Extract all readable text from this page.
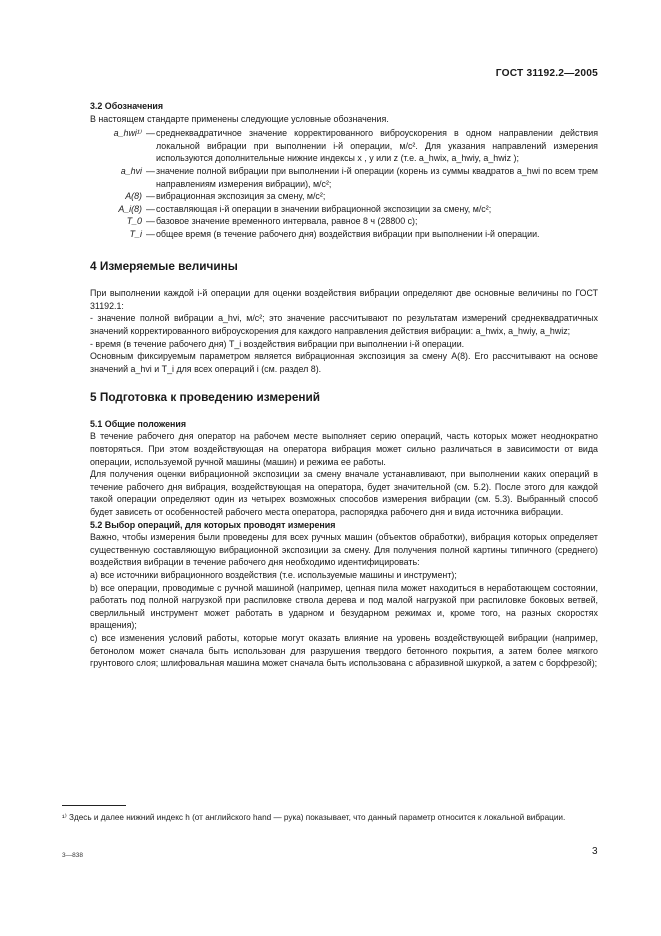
ГОСТ 31192.2—2005

3.2 Обозначения

В настоящем стандарте применены следующие условные обозначения.

a_hwi¹⁾ — среднеквадратичное значение корректированного виброускорения в одном направлении действия локальной вибрации при выполнении i-й операции, м/с². Для указания направлений измерения используются дополнительные нижние индексы x , y или z (т.е. a_hwix, a_hwiy, a_hwiz );
a_hvi — значение полной вибрации при выполнении i-й операции (корень из суммы квадратов a_hwi по всем трем направлениям измерения вибрации), м/с²;
A(8) — вибрационная экспозиция за смену, м/с²;
A_i(8) — составляющая i-й операции в значении вибрационной экспозиции за смену, м/с²;
T_0 — базовое значение временного интервала, равное 8 ч (28800 с);
T_i — общее время (в течение рабочего дня) воздействия вибрации при выполнении i-й операции.

4 Измеряемые величины

При выполнении каждой i-й операции для оценки воздействия вибрации определяют две основные величины по ГОСТ 31192.1:

- значение полной вибрации a_hvi, м/с²; это значение рассчитывают по результатам измерений среднеквадратичных значений корректированного виброускорения для каждого направления действия вибрации: a_hwix, a_hwiy, a_hwiz;

- время (в течение рабочего дня) T_i воздействия вибрации при выполнении i-й операции.

Основным фиксируемым параметром является вибрационная экспозиция за смену A(8). Его рассчитывают на основе значений a_hvi и T_i для всех операций i (см. раздел 8).

5 Подготовка к проведению измерений

5.1 Общие положения

В течение рабочего дня оператор на рабочем месте выполняет серию операций, часть которых может неоднократно повторяться. При этом воздействующая на оператора вибрация может сильно различаться в зависимости от вида операции, используемой ручной машины (машин) и режима ее работы.

Для получения оценки вибрационной экспозиции за смену вначале устанавливают, при выполнении каких операций в течение рабочего дня вибрация, воздействующая на оператора, будет значительной (см. 5.2). После этого для каждой такой операции определяют один из четырех возможных способов измерения вибрации (см. 5.3). Выбранный способ будет зависеть от особенностей рабочего места оператора, распорядка рабочего дня и вида источника вибрации.

5.2 Выбор операций, для которых проводят измерения

Важно, чтобы измерения были проведены для всех ручных машин (объектов обработки), вибрация которых определяет существенную составляющую вибрационной экспозиции за смену. Для получения полной картины типичного (среднего) воздействия вибрации в течение рабочего дня необходимо идентифицировать:

a) все источники вибрационного воздействия (т.е. используемые машины и инструмент);

b) все операции, проводимые с ручной машиной (например, цепная пила может находиться в неработающем состоянии, работать под полной нагрузкой при распиловке ствола дерева и под малой нагрузкой при распиловке боковых ветвей, сверлильный инструмент может работать в ударном и безударном режимах и, кроме того, на разных скоростях вращения);

c) все изменения условий работы, которые могут оказать влияние на уровень воздействующей вибрации (например, бетонолом может сначала быть использован для разрушения твердого бетонного покрытия, а затем более мягкого грунтового слоя; шлифовальная машина может сначала быть использована с абразивной шкуркой, а затем с борфрезой);

¹⁾ Здесь и далее нижний индекс h (от английского hand — рука) показывает, что данный параметр относится к локальной вибрации.
3—838	3
